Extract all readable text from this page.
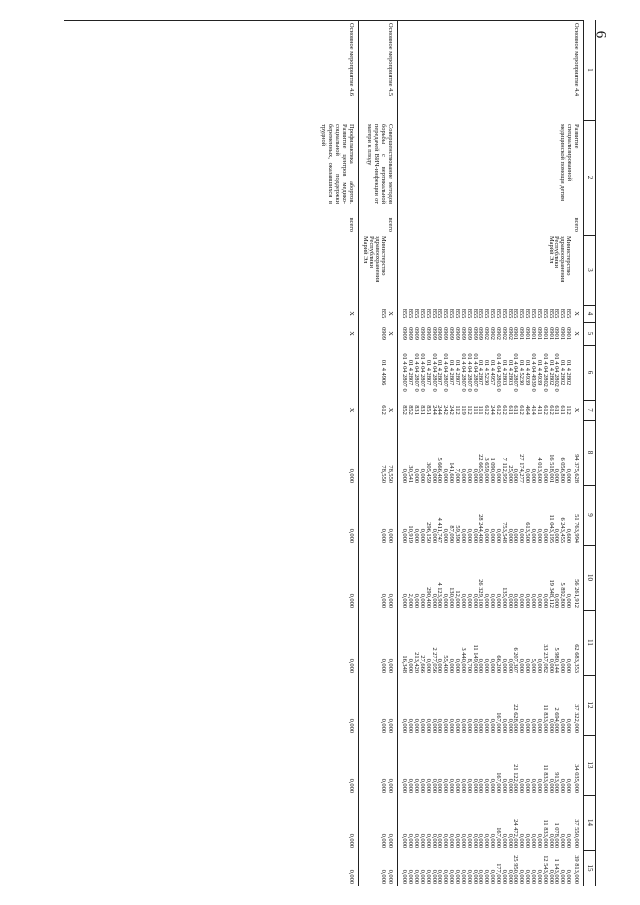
6
1
2
3
4
5
6
7
8
9
10
11
12
13
14
15
Основное мероприятие 4.4
Развитие специализированной медицинской помощи детям
всего
Х
Х
Х
94 375,628
51 763,994
56 261,912
62 683,353
37 322,000
34 035,000
37 550,000
39 813,000
Министерство
здравоохранения
Республики
Марий Эл
855
0901
01 4 2802
112
0,000
0,600
0,000
0,000
0,000
0,000
0,000
0,000
855
0901
01 4 2802
611
6 056,800
6 243,455
5 892,800
0,000
0,000
0,000
0,000
0,000
855
0901
01 4 04 2802 0
611
0,000
0,000
0,000
5 980,144
2 694,000
913,000
1 078,000
1 143,000
855
0901
01 4 2802
612
16 518,001
11 043,195
19 348,112
0,000
0,000
0,000
0,000
0,000
855
0901
01 4 04 2802 0
612
0,000
0,000
0,000
33 237,082
11 833,000
11 833,000
11 833,000
12 543,000
855
0901
01 4 4939
411
4 013,600
0,000
0,000
0,000
0,000
0,000
0,000
0,000
855
0901
01 4 04 4939 0
414
0,000
0,000
0,000
5,000
0,000
0,000
0,000
0,000
855
0901
01 4 4939
464
0,000
613,500
0,000
0,000
0,000
0,000
0,000
0,000
855
0901
01 4 5230
612
27 174,277
0,000
0,000
0,000
0,000
0,000
0,000
0,000
855
0901
01 4 04 2807 0
611
0,000
0,000
0,000
6 207,307
22 628,000
21 122,000
24 472,000
25 950,000
855
0902
01 4 2803
611
25,000
0,000
0,000
0,000
0,000
0,000
0,000
0,000
855
0902
01 4 2803
612
7 112,950
753,548
135,000
0,000
0,000
0,000
0,000
0,000
855
0902
01 4 04 2803 0
612
0,000
0,000
0,000
66,200
167,000
167,000
167,000
177,000
855
0902
01 4 4957
244
1 090,000
0,000
0,000
0,000
0,000
0,000
0,000
0,000
855
0902
01 4 5230
612
3 659,000
0,000
0,000
0,000
0,000
0,000
0,000
0,000
855
0909
01 4 2807
111
22 665,000
28 244,400
26 329,100
0,000
0,000
0,000
0,000
0,000
855
0909
01 4 04 2807 0
111
0,000
0,000
0,000
11 149,000
0,000
0,000
0,000
0,000
855
0909
01 4 04 2807 0
112
0,000
0,000
0,000
8,700
0,000
0,000
0,000
0,000
855
0909
01 4 04 2807 0
119
0,000
0,000
0,000
3 440,000
0,000
0,000
0,000
0,000
855
0909
01 4 2807
112
7,000
59,390
12,000
0,000
0,000
0,000
0,000
0,000
855
0909
01 4 2807
242
141,600
87,090
130,000
0,000
0,000
0,000
0,000
0,000
855
0909
01 4 04 2807 0
242
0,000
0,000
0,000
55,400
0,000
0,000
0,000
0,000
855
0909
01 4 2807
244
5 666,400
4 411,747
4 123,900
0,000
0,000
0,000
0,000
0,000
855
0909
01 4 04 2807 0
244
0,000
0,000
0,000
2 277,056
0,000
0,000
0,000
0,000
855
0909
01 4 2807
851
305,459
296,150
290,400
0,000
0,000
0,000
0,000
0,000
855
0909
01 4 04 2807 0
831
0,000
0,000
0,000
27,666
0,000
0,000
0,000
0,000
855
0909
01 4 04 2807 0
831
0,000
0,000
0,000
213,420
0,000
0,000
0,000
0,000
855
0909
01 4 2807
852
30,541
10,919
2,000
0,000
0,000
0,000
0,000
0,000
855
0909
01 4 04 2807 0
852
0,000
0,000
0,000
16,348
0,000
0,000
0,000
0,000
Основное мероприятие 4.5
Совершенствование методов борьбы с вертикальной передачей ВИЧ-инфекции от матери к плоду
всего
Х
Х
Х
78,550
0,000
0,000
0,000
0,000
0,000
0,000
0,000
Министерство
здравоохранения
Республики
Марий Эл
855
0909
01 4 4906
612
78,550
0,000
0,000
0,000
0,000
0,000
0,000
0,000
Основное мероприятие 4.6
Профилактика абортов. Развитие центров медико-социальной поддержки беременных, оказавшихся в трудной
всего
Х
Х
Х
0,000
0,000
0,000
0,000
0,000
0,000
0,000
0,000
